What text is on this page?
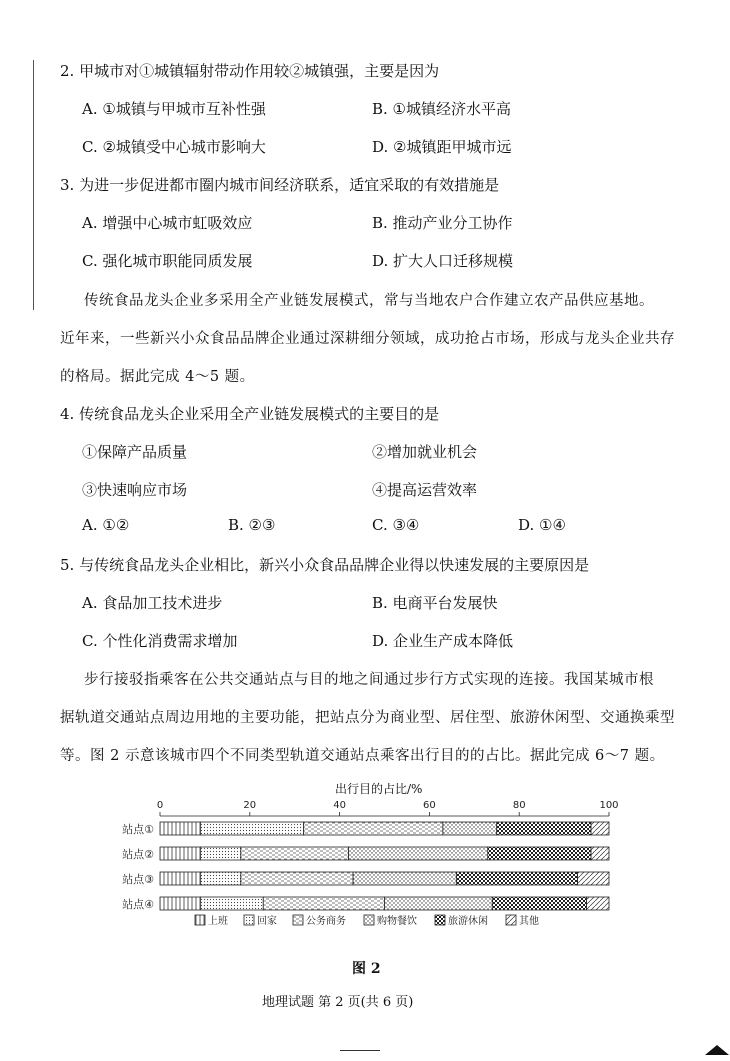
2. 甲城市对①城镇辐射带动作用较②城镇强，主要是因为
A. ①城镇与甲城市互补性强	B. ①城镇经济水平高
C. ②城镇受中心城市影响大	D. ②城镇距甲城市远
3. 为进一步促进都市圈内城市间经济联系，适宜采取的有效措施是
A. 增强中心城市虹吸效应	B. 推动产业分工协作
C. 强化城市职能同质发展	D. 扩大人口迁移规模
传统食品龙头企业多采用全产业链发展模式，常与当地农户合作建立农产品供应基地。
近年来，一些新兴小众食品品牌企业通过深耕细分领域，成功抢占市场，形成与龙头企业共存
的格局。据此完成 4～5 题。
4. 传统食品龙头企业采用全产业链发展模式的主要目的是
①保障产品质量	②增加就业机会
③快速响应市场	④提高运营效率
A. ①②	B. ②③	C. ③④	D. ①④
5. 与传统食品龙头企业相比，新兴小众食品品牌企业得以快速发展的主要原因是
A. 食品加工技术进步	B. 电商平台发展快
C. 个性化消费需求增加	D. 企业生产成本降低
步行接驳指乘客在公共交通站点与目的地之间通过步行方式实现的连接。我国某城市根
据轨道交通站点周边用地的主要功能，把站点分为商业型、居住型、旅游休闲型、交通换乘型
等。图 2 示意该城市四个不同类型轨道交通站点乘客出行目的的占比。据此完成 6～7 题。
出行目的占比/%
0	20	40	60	80	100
站点①
站点②
站点③
站点④
上班	回家	公务商务	购物餐饮	旅游休闲	其他
图 2
地理试题 第 2 页(共 6 页)
